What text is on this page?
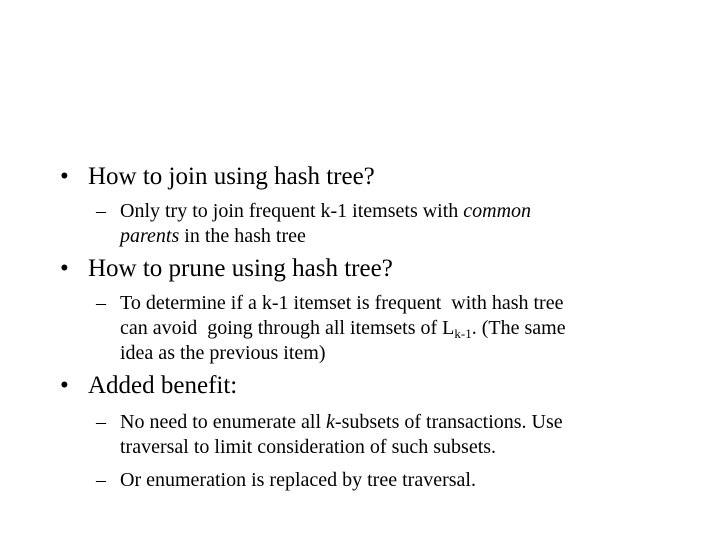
• How to join using hash tree?
– Only try to join frequent k-1 itemsets with common
parents in the hash tree
• How to prune using hash tree?
– To determine if a k-1 itemset is frequent  with hash tree
can avoid  going through all itemsets of $L_{k-1}$. (The same
idea as the previous item)
• Added benefit:
– No need to enumerate all k-subsets of transactions. Use
traversal to limit consideration of such subsets.
– Or enumeration is replaced by tree traversal.
